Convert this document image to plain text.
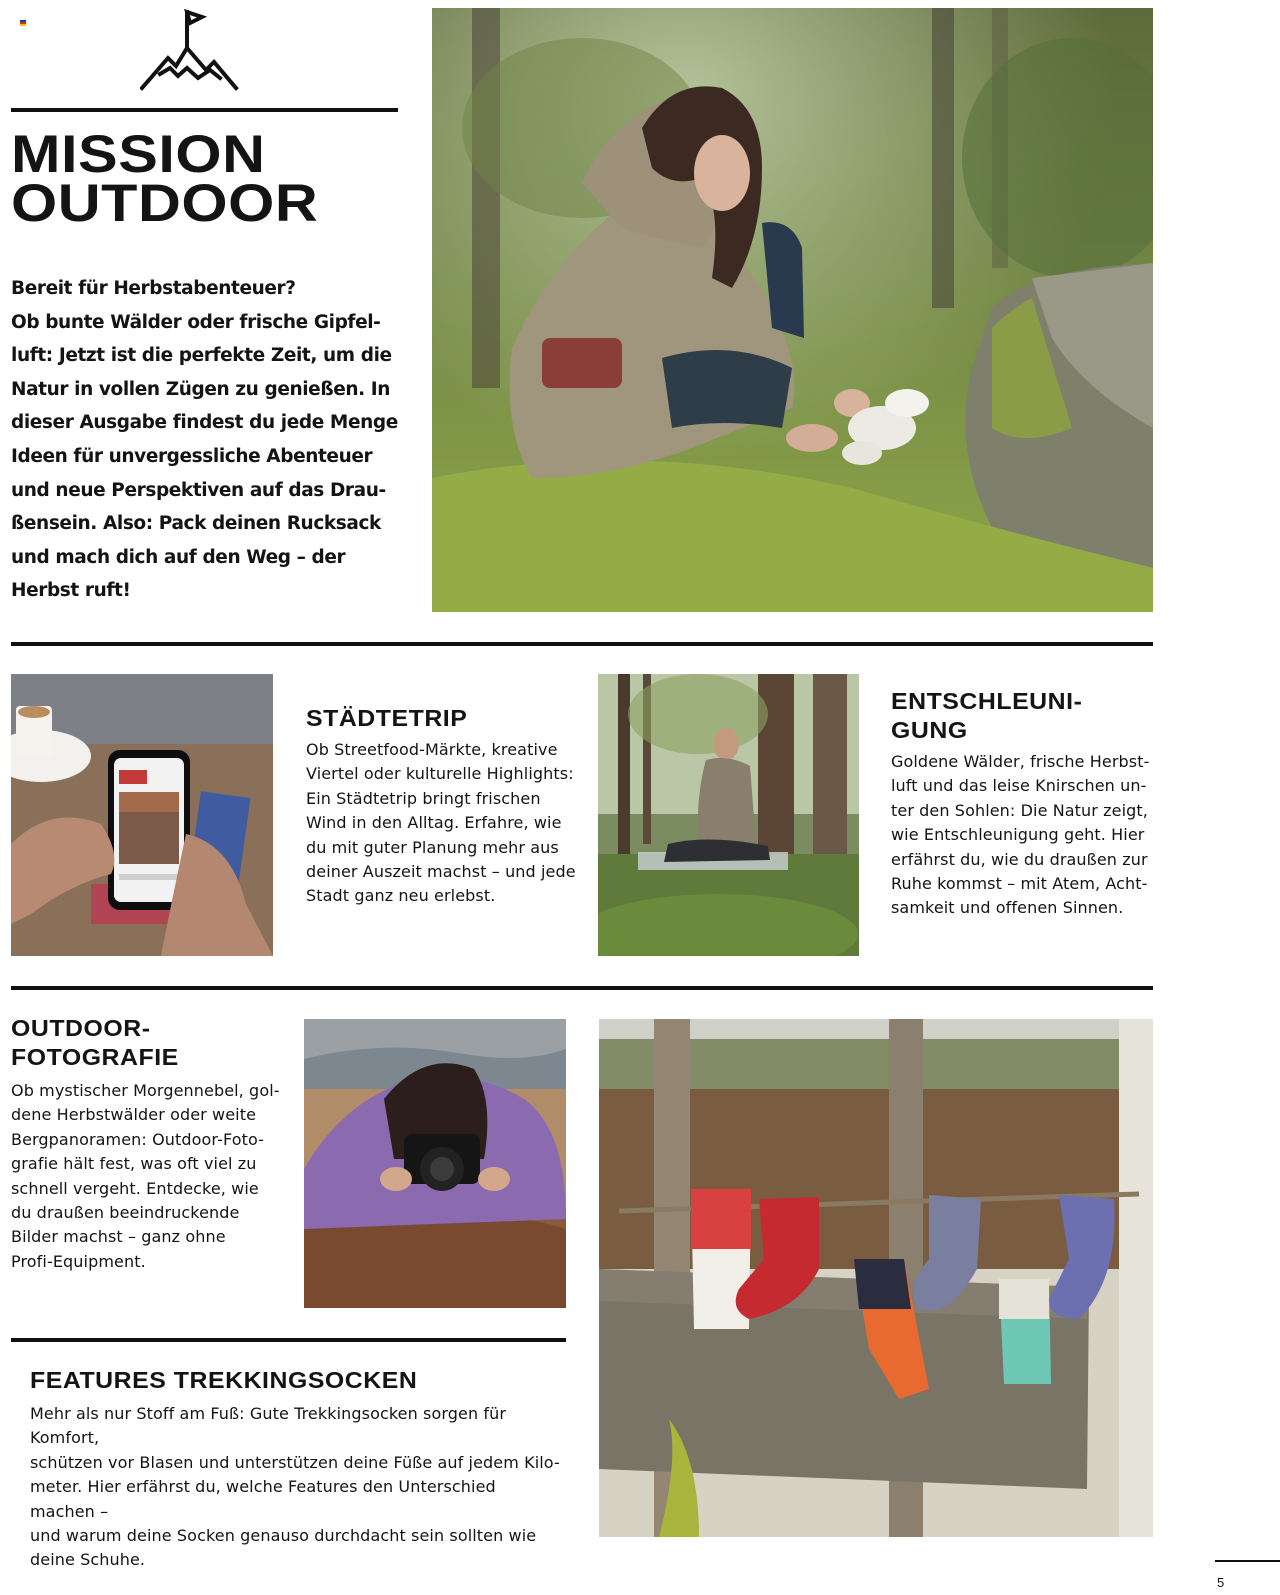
MISSION
OUTDOOR

Bereit für Herbstabenteuer?

Ob bunte Wälder oder frische Gipfel-

luft: Jetzt ist die perfekte Zeit, um die

Natur in vollen Zügen zu genießen. In

dieser Ausgabe findest du jede Menge

Ideen für unvergessliche Abenteuer

und neue Perspektiven auf das Drau-

ßensein. Also: Pack deinen Rucksack

und mach dich auf den Weg – der

Herbst ruft!

STÄDTETRIP

Ob Streetfood-Märkte, kreative

Viertel oder kulturelle Highlights:

Ein Städtetrip bringt frischen

Wind in den Alltag. Erfahre, wie

du mit guter Planung mehr aus

deiner Auszeit machst – und jede

Stadt ganz neu erlebst.

ENTSCHLEUNI-
GUNG

Goldene Wälder, frische Herbst-

luft und das leise Knirschen un-

ter den Sohlen: Die Natur zeigt,

wie Entschleunigung geht. Hier

erfährst du, wie du draußen zur

Ruhe kommst – mit Atem, Acht-

samkeit und offenen Sinnen.

OUTDOOR-
FOTOGRAFIE

Ob mystischer Morgennebel, gol-

dene Herbstwälder oder weite

Bergpanoramen: Outdoor-Foto-

grafie hält fest, was oft viel zu

schnell vergeht. Entdecke, wie

du draußen beeindruckende

Bilder machst – ganz ohne

Profi-Equipment.

FEATURES TREKKINGSOCKEN

Mehr als nur Stoff am Fuß: Gute Trekkingsocken sorgen für Komfort,

schützen vor Blasen und unterstützen deine Füße auf jedem Kilo-

meter. Hier erfährst du, welche Features den Unterschied machen –

und warum deine Socken genauso durchdacht sein sollten wie

deine Schuhe.

5
